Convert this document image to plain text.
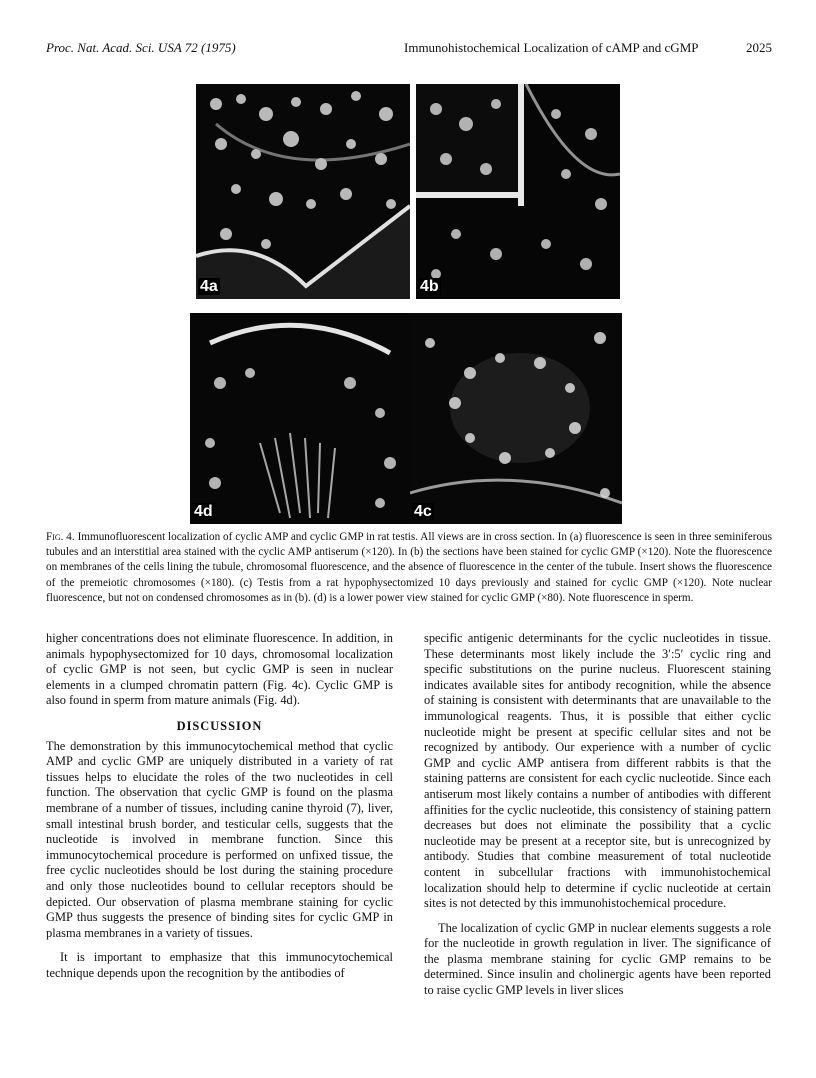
Proc. Nat. Acad. Sci. USA 72 (1975)	Immunohistochemical Localization of cAMP and cGMP	2025
4a	4b
4d	4c
Fig. 4. Immunofluorescent localization of cyclic AMP and cyclic GMP in rat testis. All views are in cross section. In (a) fluorescence is seen in three seminiferous tubules and an interstitial area stained with the cyclic AMP antiserum (×120). In (b) the sections have been stained for cyclic GMP (×120). Note the fluorescence on membranes of the cells lining the tubule, chromosomal fluorescence, and the absence of fluorescence in the center of the tubule. Insert shows the fluorescence of the premeiotic chromosomes (×180). (c) Testis from a rat hypophysectomized 10 days previously and stained for cyclic GMP (×120). Note nuclear fluorescence, but not on condensed chromosomes as in (b). (d) is a lower power view stained for cyclic GMP (×80). Note fluorescence in sperm.

higher concentrations does not eliminate fluorescence. In addition, in animals hypophysectomized for 10 days, chromosomal localization of cyclic GMP is not seen, but cyclic GMP is seen in nuclear elements in a clumped chromatin pattern (Fig. 4c). Cyclic GMP is also found in sperm from mature animals (Fig. 4d).

DISCUSSION

The demonstration by this immunocytochemical method that cyclic AMP and cyclic GMP are uniquely distributed in a variety of rat tissues helps to elucidate the roles of the two nucleotides in cell function. The observation that cyclic GMP is found on the plasma membrane of a number of tissues, including canine thyroid (7), liver, small intestinal brush border, and testicular cells, suggests that the nucleotide is involved in membrane function. Since this immunocytochemical procedure is performed on unfixed tissue, the free cyclic nucleotides should be lost during the staining procedure and only those nucleotides bound to cellular receptors should be depicted. Our observation of plasma membrane staining for cyclic GMP thus suggests the presence of binding sites for cyclic GMP in plasma membranes in a variety of tissues.

It is important to emphasize that this immunocytochemical technique depends upon the recognition by the antibodies of

specific antigenic determinants for the cyclic nucleotides in tissue. These determinants most likely include the 3′:5′ cyclic ring and specific substitutions on the purine nucleus. Fluorescent staining indicates available sites for antibody recognition, while the absence of staining is consistent with determinants that are unavailable to the immunological reagents. Thus, it is possible that either cyclic nucleotide might be present at specific cellular sites and not be recognized by antibody. Our experience with a number of cyclic GMP and cyclic AMP antisera from different rabbits is that the staining patterns are consistent for each cyclic nucleotide. Since each antiserum most likely contains a number of antibodies with different affinities for the cyclic nucleotide, this consistency of staining pattern decreases but does not eliminate the possibility that a cyclic nucleotide may be present at a receptor site, but is unrecognized by antibody. Studies that combine measurement of total nucleotide content in subcellular fractions with immunohistochemical localization should help to determine if cyclic nucleotide at certain sites is not detected by this immunohistochemical procedure.

The localization of cyclic GMP in nuclear elements suggests a role for the nucleotide in growth regulation in liver. The significance of the plasma membrane staining for cyclic GMP remains to be determined. Since insulin and cholinergic agents have been reported to raise cyclic GMP levels in liver slices
